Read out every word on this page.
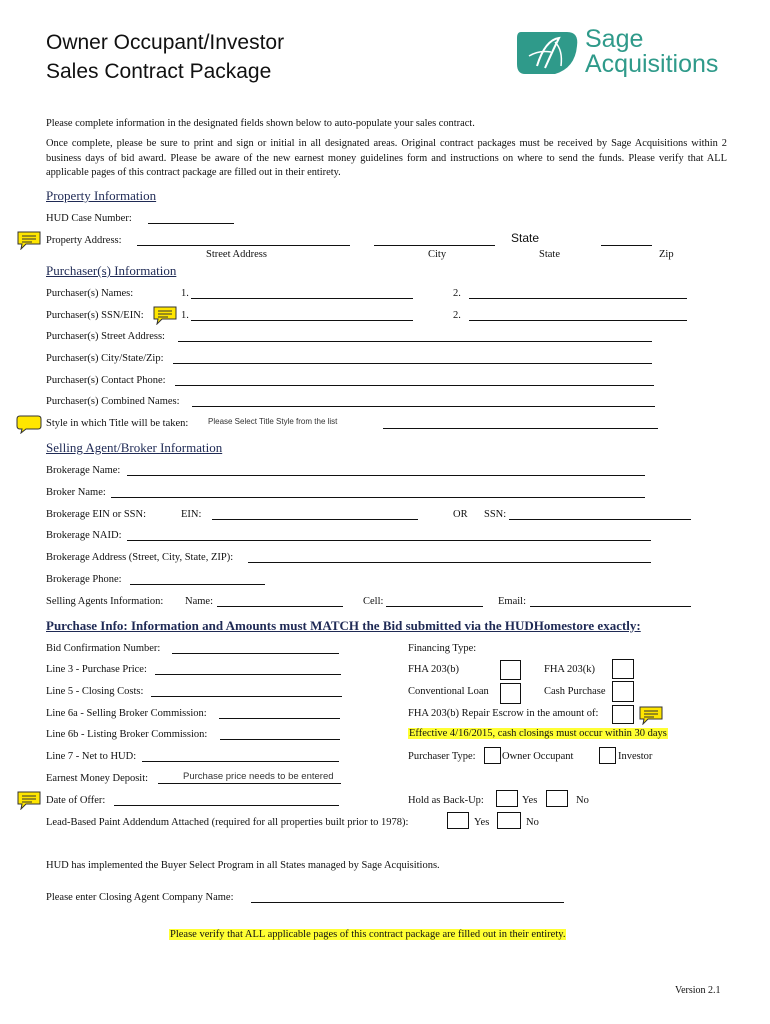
Owner Occupant/Investor
Sales Contract Package
Sage
Acquisitions
Please complete information in the designated fields shown below to auto-populate your sales contract.
Once complete, please be sure to print and sign or initial in all designated areas. Original contract packages must be received by Sage Acquisitions within 2 business days of bid award. Please be aware of the new earnest money guidelines form and instructions on where to send the funds. Please verify that ALL applicable pages of this contract package are filled out in their entirety.
Property Information
HUD Case Number:
Property Address:	State
Street Address	City	State	Zip
Purchaser(s) Information
Purchaser(s) Names:	1.	2.
Purchaser(s) SSN/EIN:	1.	2.
Purchaser(s) Street Address:
Purchaser(s) City/State/Zip:
Purchaser(s) Contact Phone:
Purchaser(s) Combined Names:
Style in which Title will be taken: Please Select Title Style from the list
Selling Agent/Broker Information
Brokerage Name:
Broker Name:
Brokerage EIN or SSN:	EIN:	OR SSN:
Brokerage NAID:
Brokerage Address (Street, City, State, ZIP):
Brokerage Phone:
Selling Agents Information: Name:	Cell:	Email:
Purchase Info: Information and Amounts must MATCH the Bid submitted via the HUDHomestore exactly:
Bid Confirmation Number:
Line 3 - Purchase Price:
Line 5 - Closing Costs:
Line 6a - Selling Broker Commission:
Line 6b - Listing Broker Commission:
Line 7 - Net to HUD:
Earnest Money Deposit:	Purchase price needs to be entered
Date of Offer:
Financing Type:
FHA 203(b)	FHA 203(k)
Conventional Loan	Cash Purchase
FHA 203(b) Repair Escrow in the amount of:
Effective 4/16/2015, cash closings must occur within 30 days
Purchaser Type:	Owner Occupant	Investor
Hold as Back-Up:	Yes	No
Lead-Based Paint Addendum Attached (required for all properties built prior to 1978):	Yes	No
HUD has implemented the Buyer Select Program in all States managed by Sage Acquisitions.
Please enter Closing Agent Company Name:
Please verify that ALL applicable pages of this contract package are filled out in their entirety.
Version 2.1
